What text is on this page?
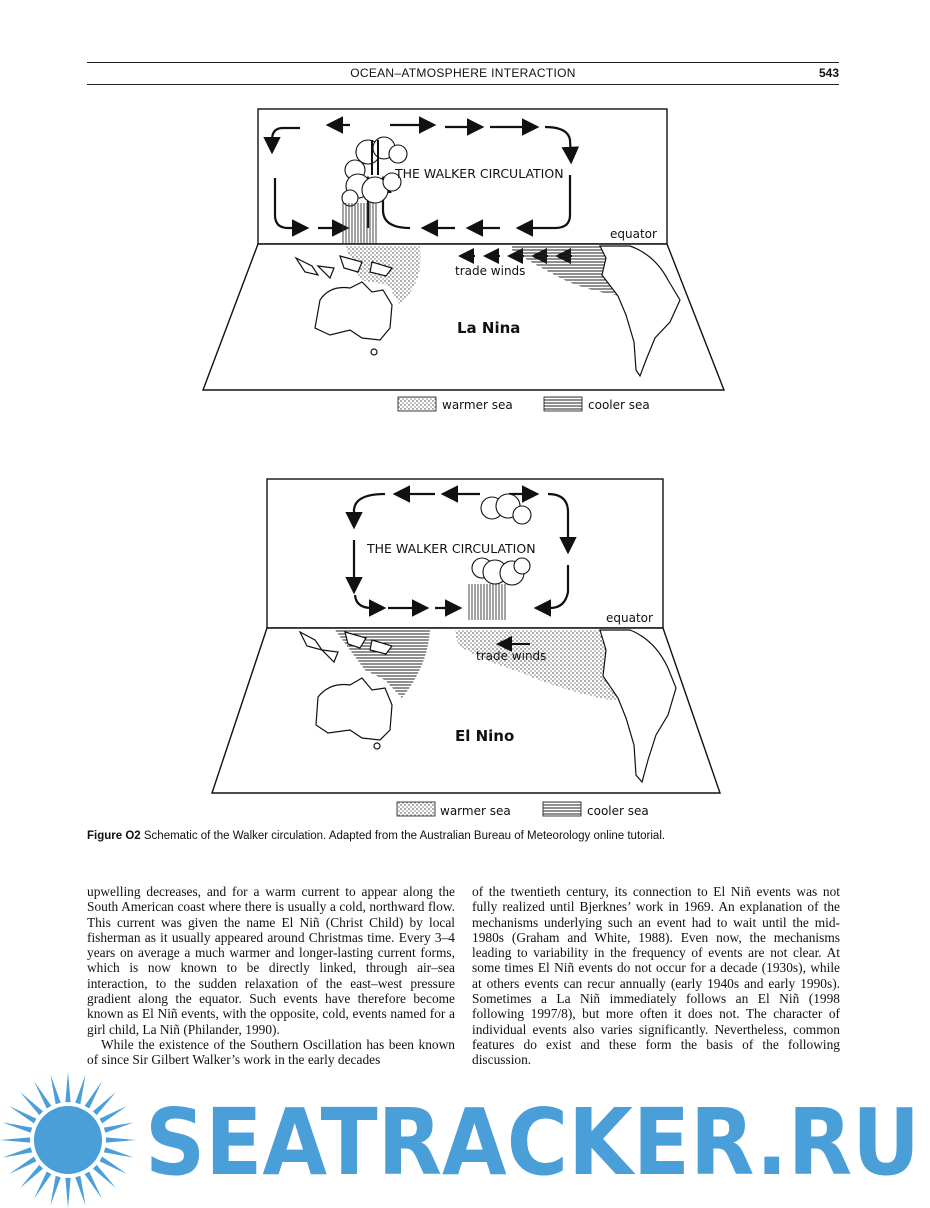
OCEAN–ATMOSPHERE INTERACTION	543
THE WALKER CIRCULATION
equator
trade winds
La Nina
warmer sea	cooler sea
THE WALKER CIRCULATION
equator
trade winds
El Nino
warmer sea	cooler sea
Figure O2 Schematic of the Walker circulation. Adapted from the Australian Bureau of Meteorology online tutorial.

upwelling decreases, and for a warm current to appear along the South American coast where there is usually a cold, northward flow. This current was given the name El Niñ (Christ Child) by local fisherman as it usually appeared around Christmas time. Every 3–4 years on average a much warmer and longer-lasting current forms, which is now known to be directly linked, through air–sea interaction, to the sudden relaxation of the east–west pressure gradient along the equator. Such events have therefore become known as El Niñ events, with the opposite, cold, events named for a girl child, La Niñ (Philander, 1990).

While the existence of the Southern Oscillation has been known of since Sir Gilbert Walker’s work in the early decades

of the twentieth century, its connection to El Niñ events was not fully realized until Bjerknes’ work in 1969. An explanation of the mechanisms underlying such an event had to wait until the mid-1980s (Graham and White, 1988). Even now, the mechanisms leading to variability in the frequency of events are not clear. At some times El Niñ events do not occur for a decade (1930s), while at others events can recur annually (early 1940s and early 1990s). Sometimes a La Niñ immediately follows an El Niñ (1998 following 1997/8), but more often it does not. The character of individual events also varies significantly. Nevertheless, common features do exist and these form the basis of the following discussion.

SEATRACKER.RU
